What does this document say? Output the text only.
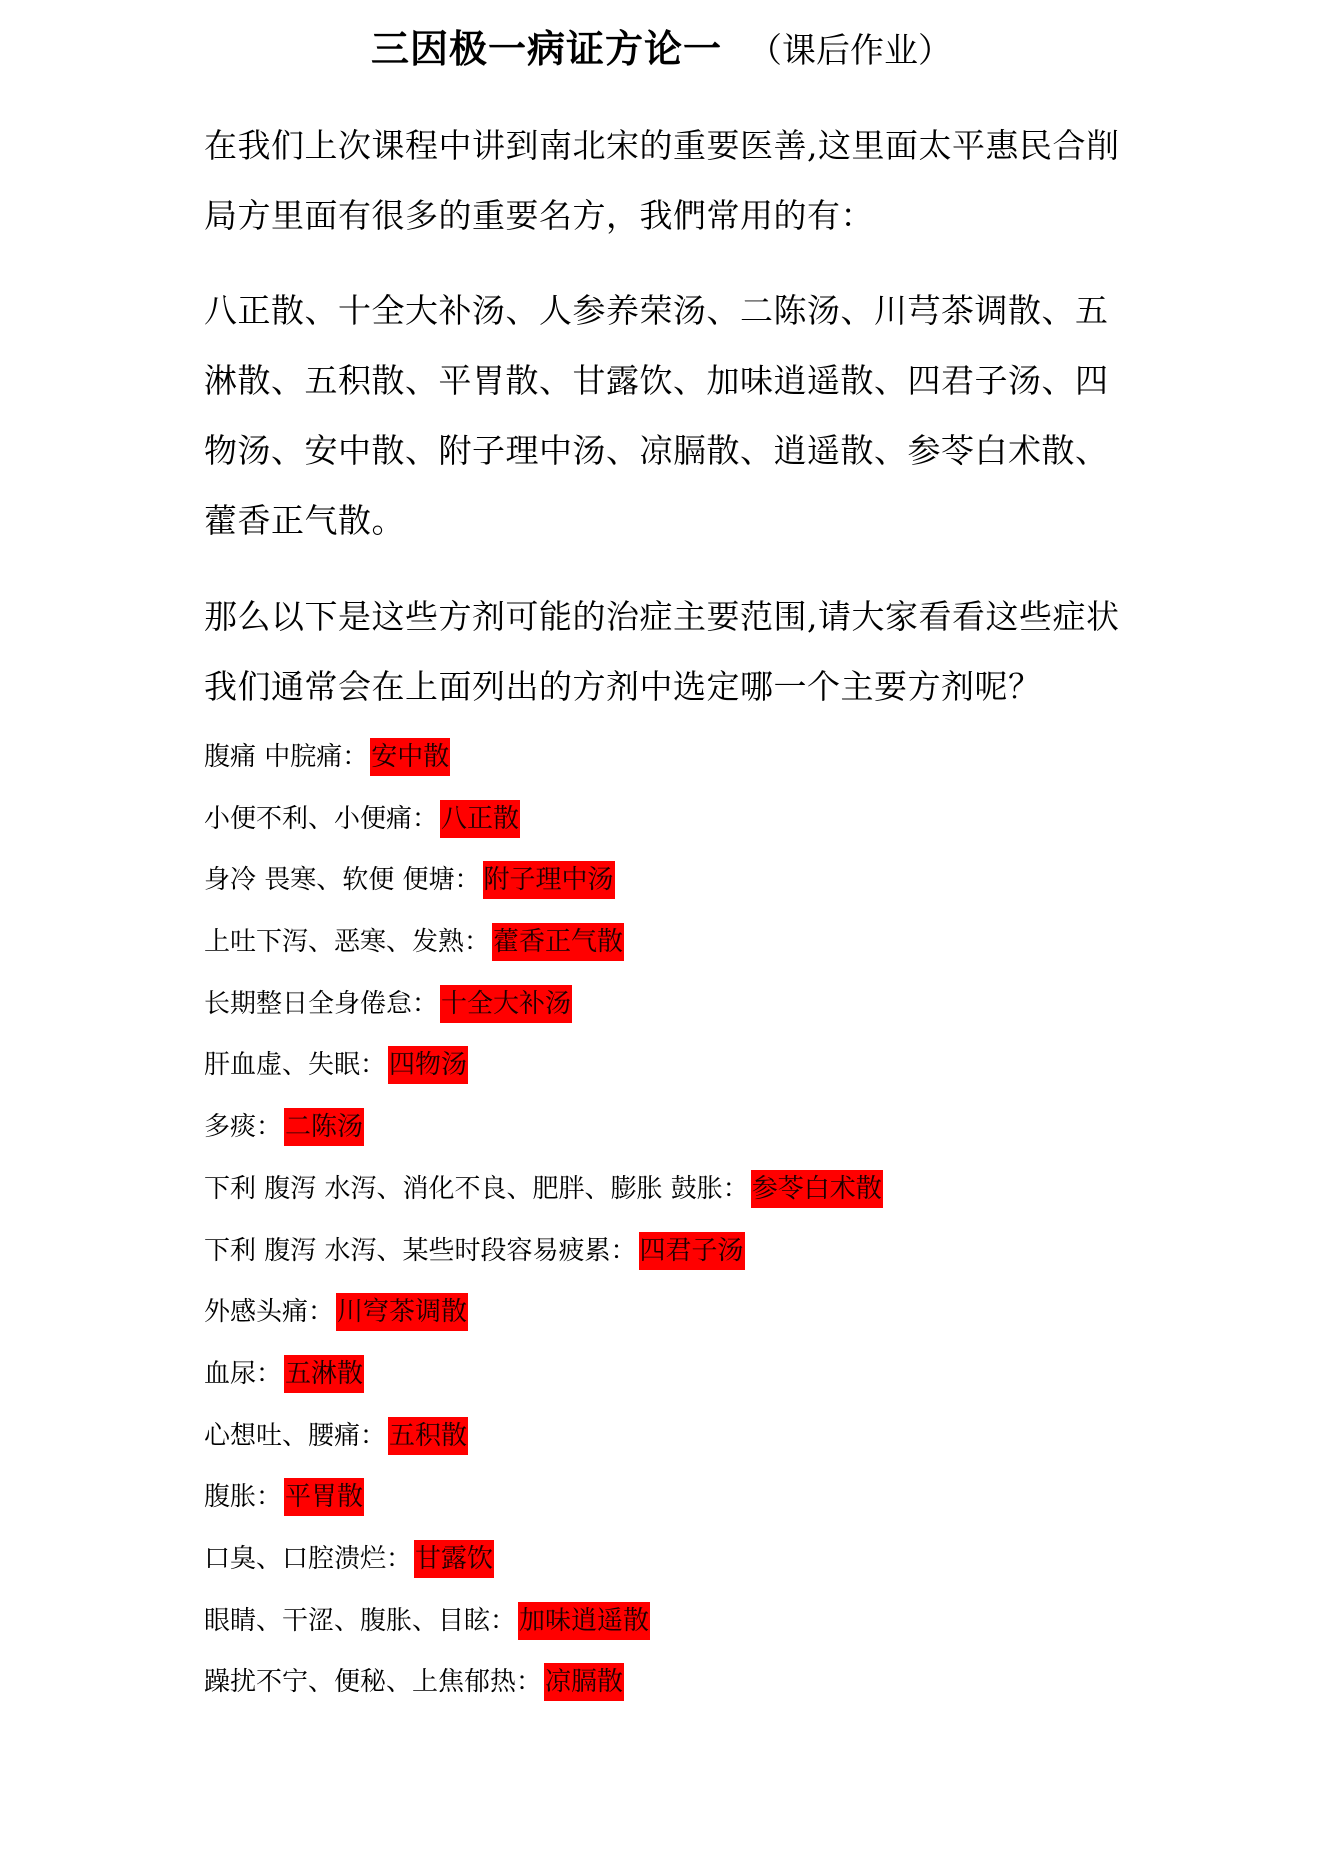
三因极一病证方论一 （课后作业）
在我们上次课程中讲到南北宋的重要医善,这里面太平惠民合削局方里面有很多的重要名方，我們常用的有：
八正散、十全大补汤、人参养荣汤、二陈汤、川芎茶调散、五淋散、五积散、平胃散、甘露饮、加味逍遥散、四君子汤、四物汤、安中散、附子理中汤、凉膈散、逍遥散、参苓白术散、藿香正气散。
那么以下是这些方剂可能的治症主要范围,请大家看看这些症状我们通常会在上面列出的方剂中选定哪一个主要方剂呢？
腹痛 中脘痛： 安中散
小便不利、小便痛： 八正散
身冷 畏寒、软便 便塘： 附子理中汤
上吐下泻、恶寒、发熟： 藿香正气散
长期整日全身倦怠： 十全大补汤
肝血虚、失眠： 四物汤
多痰： 二陈汤
下利 腹泻 水泻、消化不良、肥胖、膨胀 鼓胀： 参苓白术散
下利 腹泻 水泻、某些时段容易疲累： 四君子汤
外感头痛： 川穹茶调散
血尿： 五淋散
心想吐、腰痛： 五积散
腹胀： 平胃散
口臭、口腔溃烂： 甘露饮
眼睛、干涩、腹胀、目眩： 加味逍遥散
躁扰不宁、便秘、上焦郁热： 凉膈散
